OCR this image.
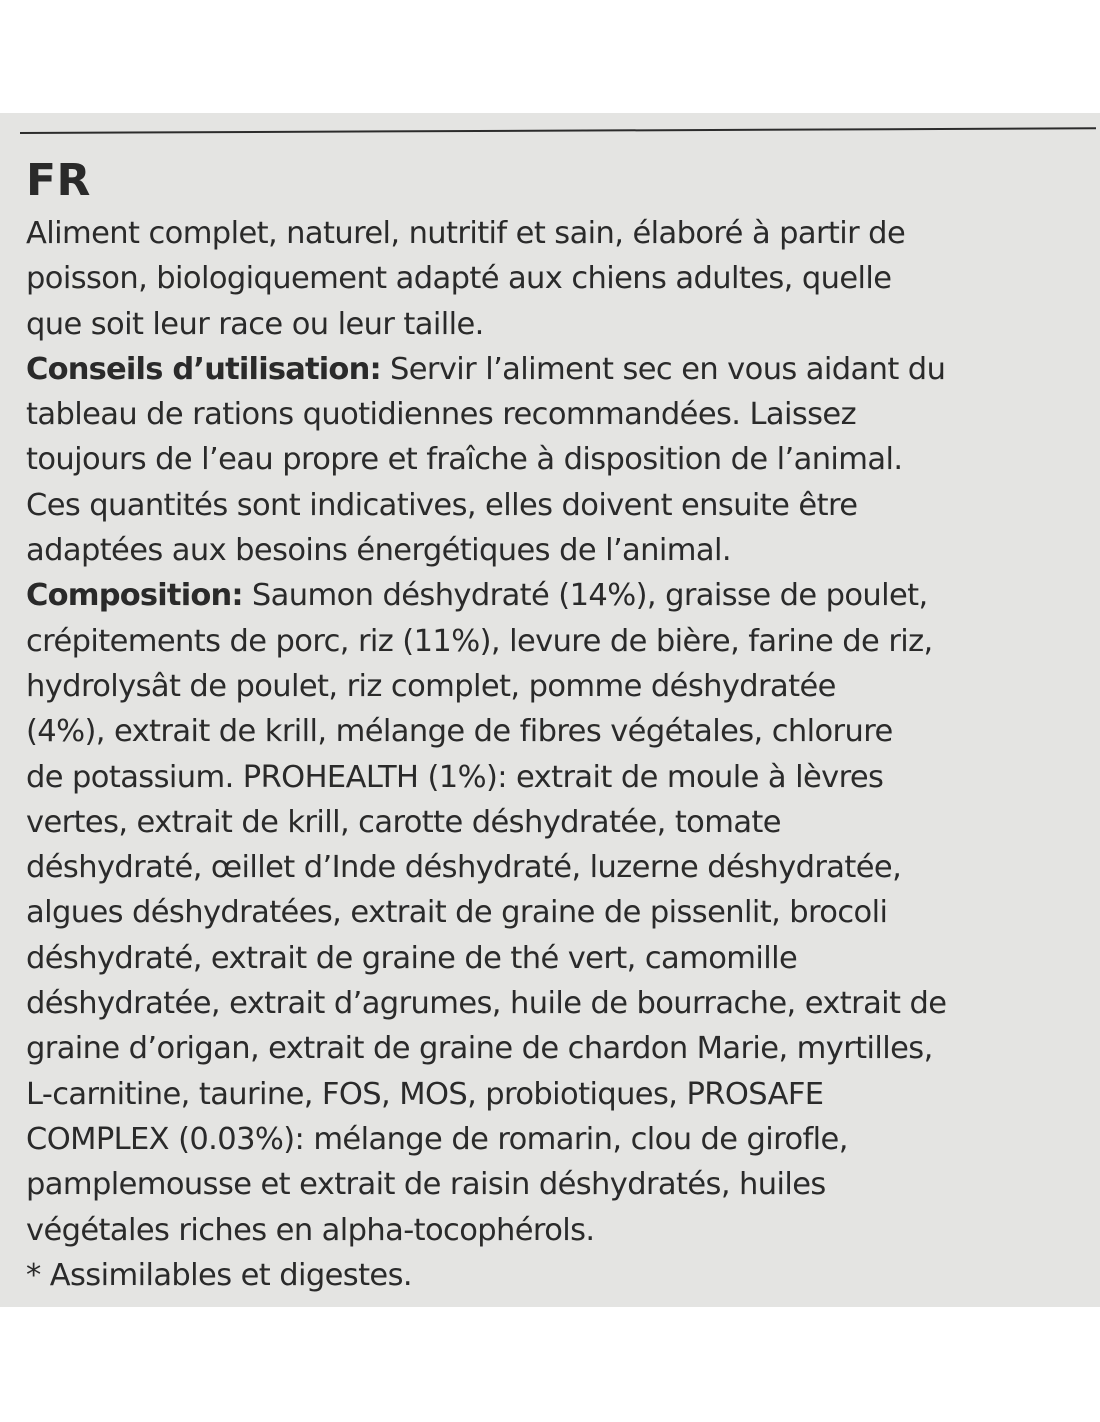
FR
Aliment complet, naturel, nutritif et sain, élaboré à partir de
poisson, biologiquement adapté aux chiens adultes, quelle
que soit leur race ou leur taille.
Conseils d’utilisation: Servir l’aliment sec en vous aidant du
tableau de rations quotidiennes recommandées. Laissez
toujours de l’eau propre et fraîche à disposition de l’animal.
Ces quantités sont indicatives, elles doivent ensuite être
adaptées aux besoins énergétiques de l’animal.
Composition: Saumon déshydraté (14%), graisse de poulet,
crépitements de porc, riz (11%), levure de bière, farine de riz,
hydrolysât de poulet, riz complet, pomme déshydratée
(4%), extrait de krill, mélange de fibres végétales, chlorure
de potassium. PROHEALTH (1%): extrait de moule à lèvres
vertes, extrait de krill, carotte déshydratée, tomate
déshydraté, œillet d’Inde déshydraté, luzerne déshydratée,
algues déshydratées, extrait de graine de pissenlit, brocoli
déshydraté, extrait de graine de thé vert, camomille
déshydratée, extrait d’agrumes, huile de bourrache, extrait de
graine d’origan, extrait de graine de chardon Marie, myrtilles,
L-carnitine, taurine, FOS, MOS, probiotiques, PROSAFE
COMPLEX (0.03%): mélange de romarin, clou de girofle,
pamplemousse et extrait de raisin déshydratés, huiles
végétales riches en alpha-tocophérols.
* Assimilables et digestes.
